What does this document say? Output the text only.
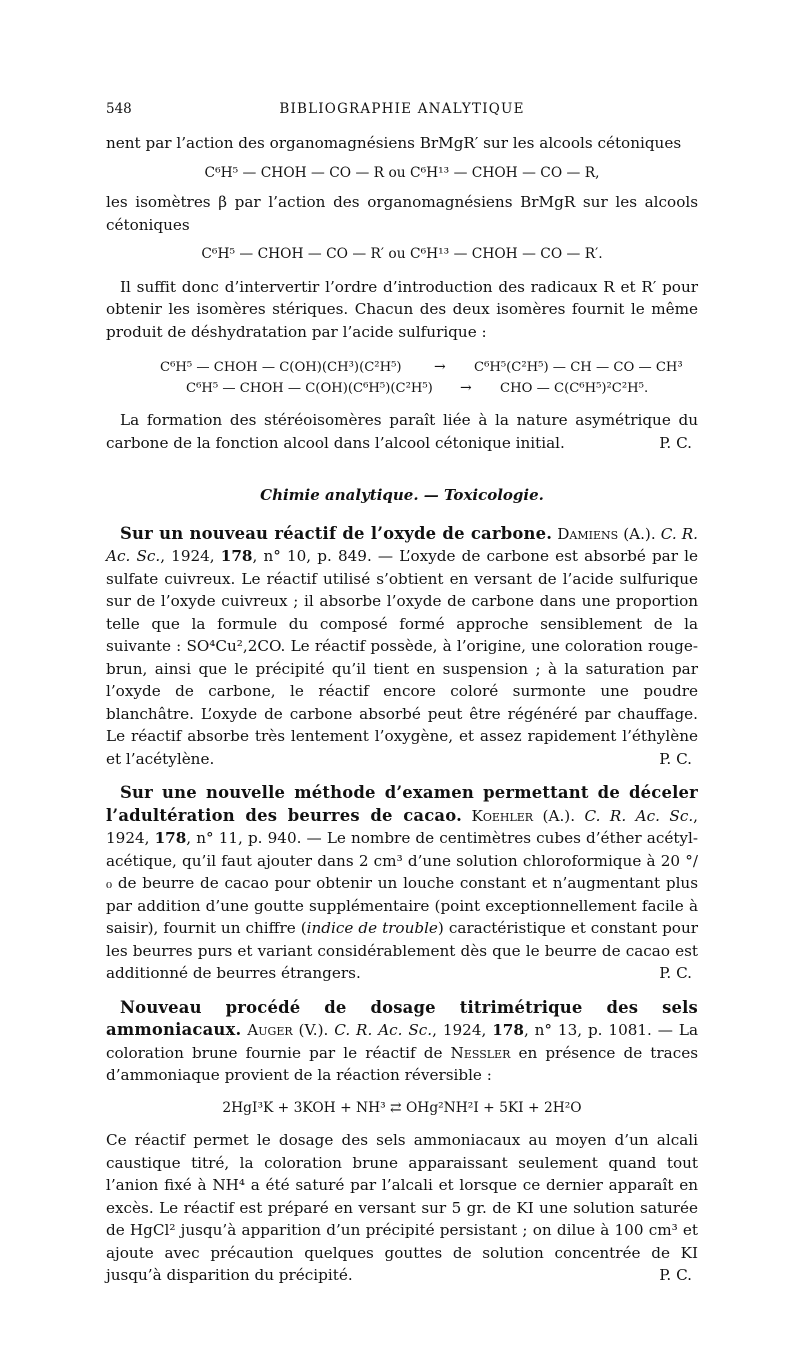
548	BIBLIOGRAPHIE ANALYTIQUE

nent par l’action des organomagnésiens BrMgR′ sur les alcools cétoniques

C⁶H⁵ — CHOH — CO — R ou C⁶H¹³ — CHOH — CO — R,

les isomètres β par l’action des organomagnésiens BrMgR sur les alcools cétoniques

C⁶H⁵ — CHOH — CO — R′ ou C⁶H¹³ — CHOH — CO — R′.

Il suffit donc d’intervertir l’ordre d’introduction des radicaux R et R′ pour obtenir les isomères stériques. Chacun des deux isomères fournit le même produit de déshydratation par l’acide sulfurique :

C⁶H⁵ — CHOH — C(OH)(CH³)(C²H⁵) → C⁶H⁵(C²H⁵) — CH — CO — CH³
C⁶H⁵ — CHOH — C(OH)(C⁶H⁵)(C²H⁵) → CHO — C(C⁶H⁵)²C²H⁵.

La formation des stéréoisomères paraît liée à la nature asymétrique du carbone de la fonction alcool dans l’alcool cétonique initial.	P. C.

Chimie analytique. — Toxicologie.

Sur un nouveau réactif de l’oxyde de carbone. Damiens (A.). C. R. Ac. Sc., 1924, 178, n° 10, p. 849. — L’oxyde de carbone est absorbé par le sulfate cuivreux. Le réactif utilisé s’obtient en versant de l’acide sulfurique sur de l’oxyde cuivreux ; il absorbe l’oxyde de carbone dans une proportion telle que la formule du composé formé approche sensiblement de la suivante : SO⁴Cu²,2CO. Le réactif possède, à l’origine, une coloration rouge-brun, ainsi que le précipité qu’il tient en suspension ; à la saturation par l’oxyde de carbone, le réactif encore coloré surmonte une poudre blanchâtre. L’oxyde de carbone absorbé peut être régénéré par chauffage. Le réactif absorbe très lentement l’oxygène, et assez rapidement l’éthylène et l’acétylène.	P. C.

Sur une nouvelle méthode d’examen permettant de déceler l’adultération des beurres de cacao. Koehler (A.). C. R. Ac. Sc., 1924, 178, n° 11, p. 940. — Le nombre de centimètres cubes d’éther acétyl-acétique, qu’il faut ajouter dans 2 cm³ d’une solution chloroformique à 20 °/₀ de beurre de cacao pour obtenir un louche constant et n’augmentant plus par addition d’une goutte supplémentaire (point exceptionnellement facile à saisir), fournit un chiffre (indice de trouble) caractéristique et constant pour les beurres purs et variant considérablement dès que le beurre de cacao est additionné de beurres étrangers.	P. C.

Nouveau procédé de dosage titrimétrique des sels ammoniacaux. Auger (V.). C. R. Ac. Sc., 1924, 178, n° 13, p. 1081. — La coloration brune fournie par le réactif de Nessler en présence de traces d’ammoniaque provient de la réaction réversible :

2HgI³K + 3KOH + NH³ ⇄ OHg²NH²I + 5KI + 2H²O

Ce réactif permet le dosage des sels ammoniacaux au moyen d’un alcali caustique titré, la coloration brune apparaissant seulement quand tout l’anion fixé à NH⁴ a été saturé par l’alcali et lorsque ce dernier apparaît en excès. Le réactif est préparé en versant sur 5 gr. de KI une solution saturée de HgCl² jusqu’à apparition d’un précipité persistant ; on dilue à 100 cm³ et ajoute avec précaution quelques gouttes de solution concentrée de KI jusqu’à disparition du précipité.	P. C.
